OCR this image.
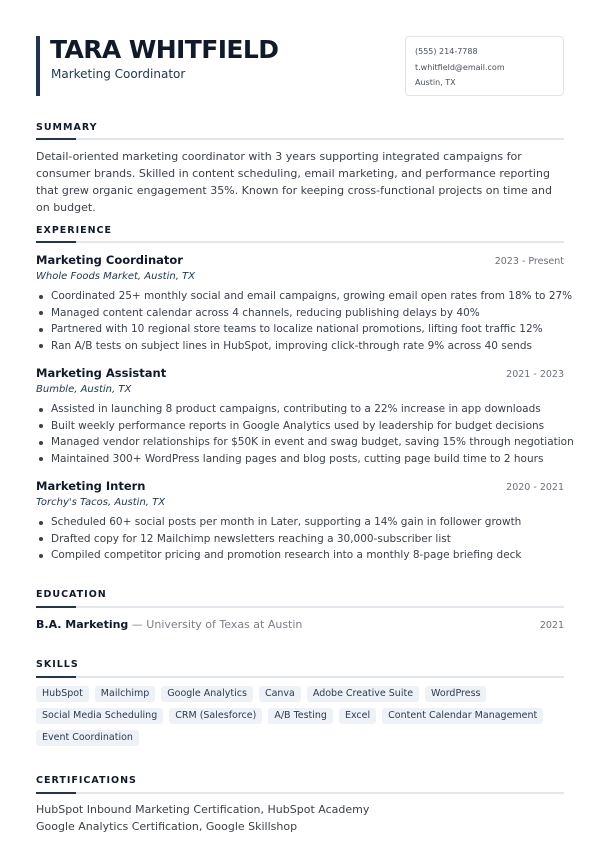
TARA WHITFIELD
Marketing Coordinator
(555) 214-7788
t.whitfield@email.com
Austin, TX
SUMMARY
Detail-oriented marketing coordinator with 3 years supporting integrated campaigns for consumer brands. Skilled in content scheduling, email marketing, and performance reporting that grew organic engagement 35%. Known for keeping cross-functional projects on time and on budget.
EXPERIENCE
Marketing Coordinator	2023 - Present
Whole Foods Market, Austin, TX
Coordinated 25+ monthly social and email campaigns, growing email open rates from 18% to 27%
Managed content calendar across 4 channels, reducing publishing delays by 40%
Partnered with 10 regional store teams to localize national promotions, lifting foot traffic 12%
Ran A/B tests on subject lines in HubSpot, improving click-through rate 9% across 40 sends
Marketing Assistant	2021 - 2023
Bumble, Austin, TX
Assisted in launching 8 product campaigns, contributing to a 22% increase in app downloads
Built weekly performance reports in Google Analytics used by leadership for budget decisions
Managed vendor relationships for $50K in event and swag budget, saving 15% through negotiation
Maintained 300+ WordPress landing pages and blog posts, cutting page build time to 2 hours
Marketing Intern	2020 - 2021
Torchy's Tacos, Austin, TX
Scheduled 60+ social posts per month in Later, supporting a 14% gain in follower growth
Drafted copy for 12 Mailchimp newsletters reaching a 30,000-subscriber list
Compiled competitor pricing and promotion research into a monthly 8-page briefing deck
EDUCATION
B.A. Marketing — University of Texas at Austin	2021
SKILLS
HubSpot	Mailchimp	Google Analytics	Canva	Adobe Creative Suite	WordPress
Social Media Scheduling	CRM (Salesforce)	A/B Testing	Excel	Content Calendar Management
Event Coordination
CERTIFICATIONS
HubSpot Inbound Marketing Certification, HubSpot Academy
Google Analytics Certification, Google Skillshop
